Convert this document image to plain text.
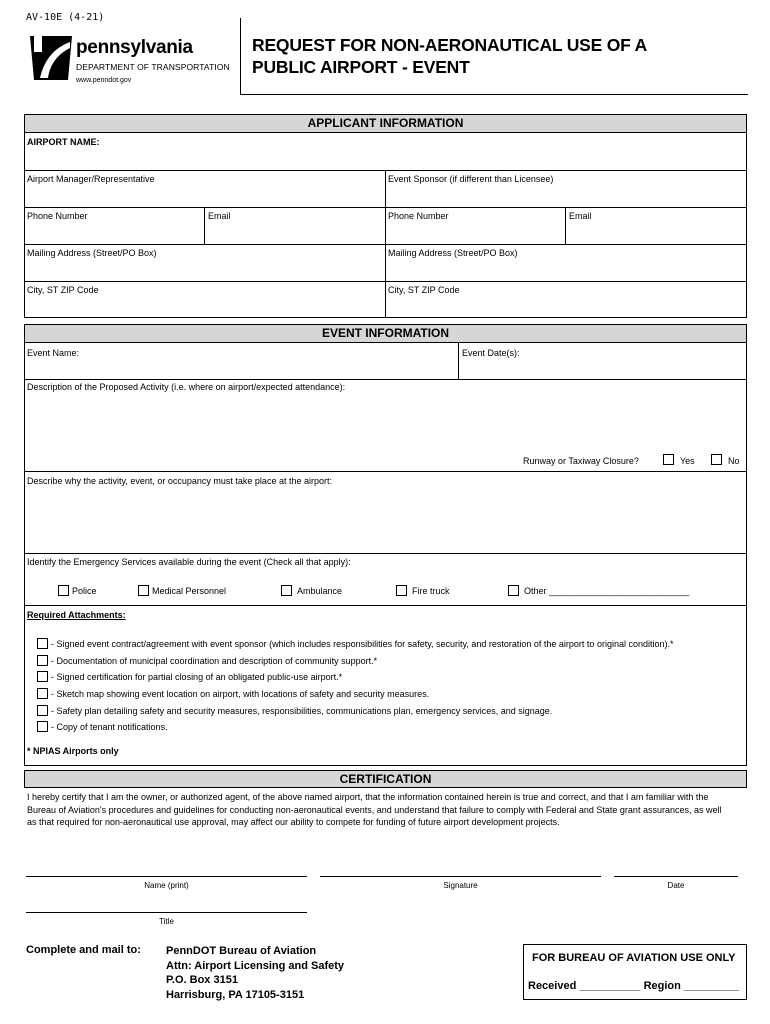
AV-10E (4-21)
pennsylvania
DEPARTMENT OF TRANSPORTATION
www.penndot.gov
REQUEST FOR NON-AERONAUTICAL USE OF A
PUBLIC AIRPORT - EVENT
APPLICANT INFORMATION
AIRPORT NAME:
Airport Manager/Representative	Event Sponsor (if different than Licensee)
Phone Number	Email	Phone Number	Email
Mailing Address (Street/PO Box)	Mailing Address (Street/PO Box)
City, ST ZIP Code	City, ST ZIP Code
EVENT INFORMATION
Event Name:	Event Date(s):
Description of the Proposed Activity (i.e. where on airport/expected attendance):
Runway or Taxiway Closure?	Yes	No
Describe why the activity, event, or occupancy must take place at the airport:
Identify the Emergency Services available during the event (Check all that apply):
Police	Medical Personnel	Ambulance	Fire truck	Other ____________________________
Required Attachments:
- Signed event contract/agreement with event sponsor (which includes responsibilities for safety, security, and restoration of the airport to original condition).*
- Documentation of municipal coordination and description of community support.*
- Signed certification for partial closing of an obligated public-use airport.*
- Sketch map showing event location on airport, with locations of safety and security measures.
- Safety plan detailing safety and security measures, responsibilities, communications plan, emergency services, and signage.
- Copy of tenant notifications.
* NPIAS Airports only
CERTIFICATION
I hereby certify that I am the owner, or authorized agent, of the above named airport, that the information contained herein is true and correct, and that I am familiar with the Bureau of Aviation's procedures and guidelines for conducting non-aeronautical events, and understand that failure to comply with Federal and State grant assurances, as well as that required for non-aeronautical use approval, may affect our ability to compete for funding of future airport development projects.
Name (print)	Signature	Date
Title
Complete and mail to: PennDOT Bureau of Aviation
Attn: Airport Licensing and Safety
P.O. Box 3151
Harrisburg, PA 17105-3151
FOR BUREAU OF AVIATION USE ONLY
Received __________ Region _________
